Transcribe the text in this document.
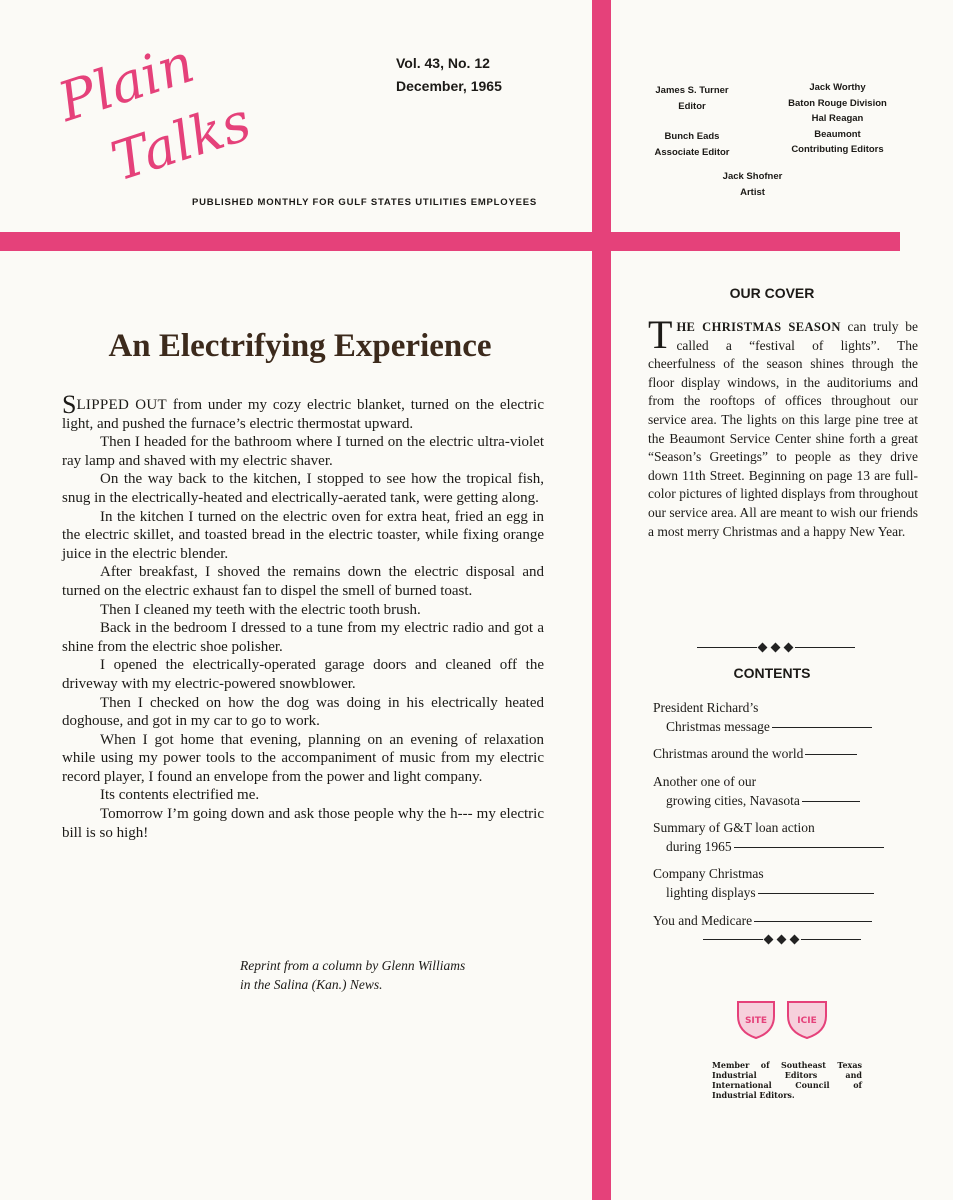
Plain
Talks
Vol. 43, No. 12
December, 1965
PUBLISHED MONTHLY FOR GULF STATES UTILITIES EMPLOYEES
James S. Turner
Editor
Jack Worthy
Baton Rouge Division
Hal Reagan
Beaumont
Contributing Editors
Bunch Eads
Associate Editor
Jack Shofner
Artist
An Electrifying Experience

SLIPPED OUT from under my cozy electric blanket, turned on the electric light, and pushed the furnace’s electric thermostat upward.

Then I headed for the bathroom where I turned on the electric ultra-violet ray lamp and shaved with my electric shaver.

On the way back to the kitchen, I stopped to see how the tropical fish, snug in the electrically-heated and electrically-aerated tank, were getting along.

In the kitchen I turned on the electric oven for extra heat, fried an egg in the electric skillet, and toasted bread in the electric toaster, while fixing orange juice in the electric blender.

After breakfast, I shoved the remains down the electric disposal and turned on the electric exhaust fan to dispel the smell of burned toast.

Then I cleaned my teeth with the electric tooth brush.

Back in the bedroom I dressed to a tune from my electric radio and got a shine from the electric shoe polisher.

I opened the electrically-operated garage doors and cleaned off the driveway with my electric-powered snowblower.

Then I checked on how the dog was doing in his electrically heated doghouse, and got in my car to go to work.

When I got home that evening, planning on an evening of relaxation while using my power tools to the accompaniment of music from my electric record player, I found an envelope from the power and light company.

Its contents electrified me.

Tomorrow I’m going down and ask those people why the h--- my electric bill is so high!

Reprint from a column by Glenn Williams
in the Salina (Kan.) News.
OUR COVER

THE CHRISTMAS SEASON can truly be called a “festival of lights”. The cheerfulness of the season shines through the floor display windows, in the auditoriums and from the rooftops of offices throughout our service area. The lights on this large pine tree at the Beaumont Service Center shine forth a great “Season’s Greetings” to people as they drive down 11th Street. Beginning on page 13 are full-color pictures of lighted displays from throughout our service area. All are meant to wish our friends a most merry Christmas and a happy New Year.

CONTENTS
President Richard’s
Christmas message
Christmas around the world
Another one of our
growing cities, Navasota
Summary of G&T loan action
during 1965
Company Christmas
lighting displays
You and Medicare
SITE	ICIE
Member of Southeast Texas Industrial Editors and International Council of Industrial Editors.
